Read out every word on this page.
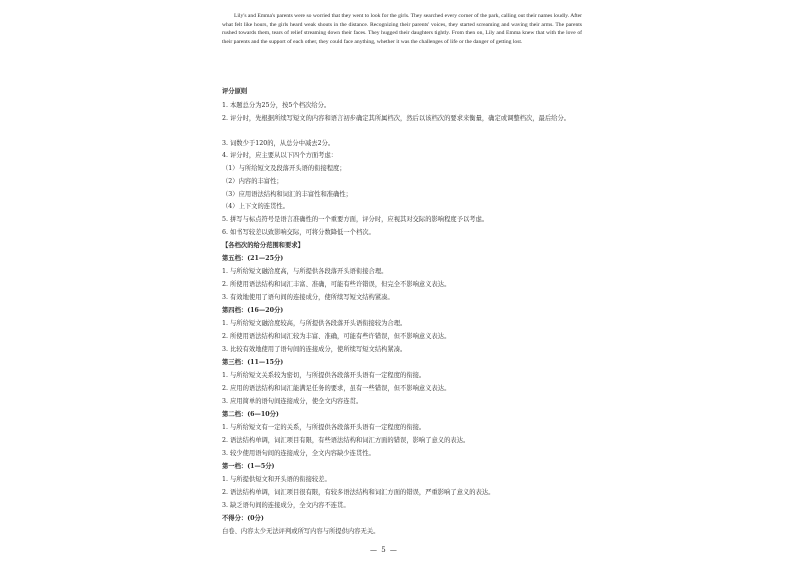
Lily's and Emma's parents were so worried that they went to look for the girls. They searched every corner of the park, calling out their names loudly. After what felt like hours, the girls heard weak shouts in the distance. Recognizing their parents' voices, they started screaming and waving their arms. The parents rushed towards them, tears of relief streaming down their faces. They hugged their daughters tightly. From then on, Lily and Emma knew that with the love of their parents and the support of each other, they could face anything, whether it was the challenges of life or the danger of getting lost.

评分原则
1. 本题总分为25分，按5个档次给分。
2. 评分时，先根据所续写短文的内容和语言初步确定其所属档次，然后以该档次的要求来衡量，确定或调整档次，最后给分。
3. 词数少于120的，从总分中减去2分。
4. 评分时，应主要从以下四个方面考虑：
（1）与所给短文及段落开头语的衔接程度；
（2）内容的丰富性；
（3）应用语法结构和词汇的丰富性和准确性；
（4）上下文的连贯性。
5. 拼写与标点符号是语言准确性的一个重要方面，评分时，应视其对交际的影响程度予以考虑。
6. 如书写较差以致影响交际，可将分数降低一个档次。
【各档次的给分范围和要求】
第五档：(21—25分)
1. 与所给短文融洽度高，与所提供各段落开头语衔接合理。
2. 所使用语法结构和词汇丰富、准确，可能有些许错误，但完全不影响意义表达。
3. 有效地使用了语句间的连接成分，使所续写短文结构紧凑。
第四档：(16—20分)
1. 与所给短文融洽度较高，与所提供各段落开头语衔接较为合理。
2. 所使用语法结构和词汇较为丰富、准确，可能有些许错误，但不影响意义表达。
3. 比较有效地使用了语句间的连接成分，使所续写短文结构紧凑。
第三档：(11—15分)
1. 与所给短文关系较为密切，与所提供各段落开头语有一定程度的衔接。
2. 应用的语法结构和词汇能满足任务的要求，虽有一些错误，但不影响意义表达。
3. 应用简单的语句间连接成分，使全文内容连贯。
第二档：(6—10分)
1. 与所给短文有一定的关系，与所提供各段落开头语有一定程度的衔接。
2. 语法结构单调，词汇项目有限，有些语法结构和词汇方面的错误，影响了意义的表达。
3. 较少使用语句间的连接成分，全文内容缺少连贯性。
第一档：(1—5分)
1. 与所提供短文和开头语的衔接较差。
2. 语法结构单调，词汇项目很有限，有较多语法结构和词汇方面的错误，严重影响了意义的表达。
3. 缺乏语句间的连接成分，全文内容不连贯。
不得分：(0分)
白卷、内容太少无法评判或所写内容与所提供内容无关。
— 5 —
